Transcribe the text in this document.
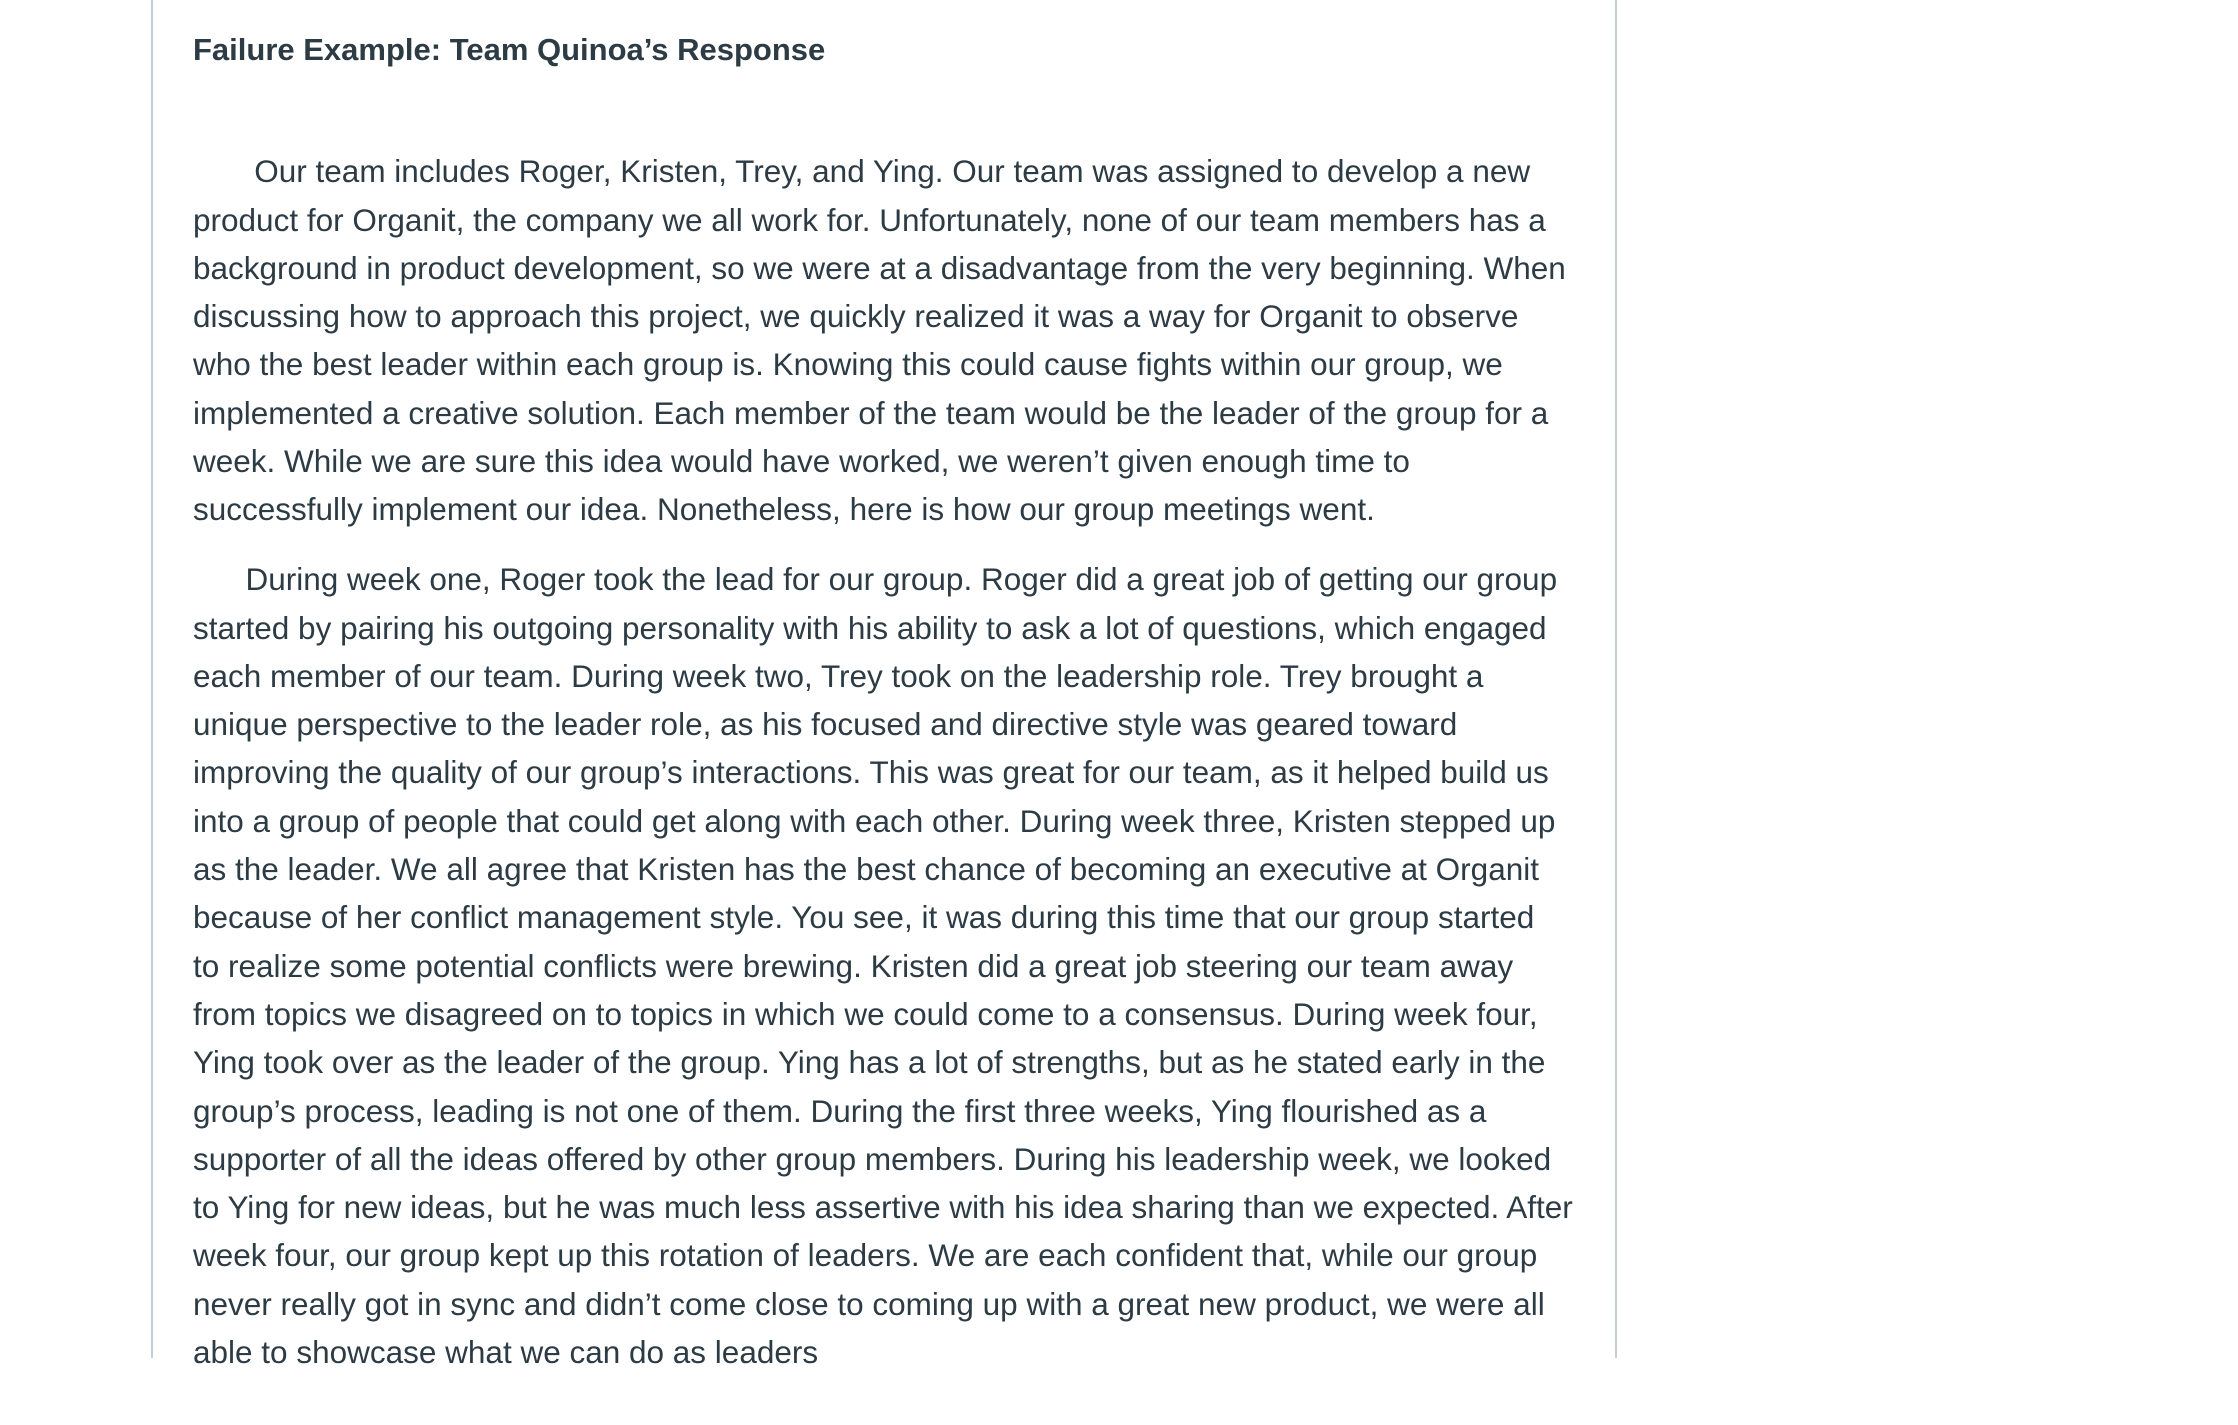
Failure Example: Team Quinoa’s Response

Our team includes Roger, Kristen, Trey, and Ying. Our team was assigned to develop a new
product for Organit, the company we all work for. Unfortunately, none of our team members has a
background in product development, so we were at a disadvantage from the very beginning. When
discussing how to approach this project, we quickly realized it was a way for Organit to observe
who the best leader within each group is. Knowing this could cause fights within our group, we
implemented a creative solution. Each member of the team would be the leader of the group for a
week. While we are sure this idea would have worked, we weren’t given enough time to
successfully implement our idea. Nonetheless, here is how our group meetings went.

During week one, Roger took the lead for our group. Roger did a great job of getting our group
started by pairing his outgoing personality with his ability to ask a lot of questions, which engaged
each member of our team. During week two, Trey took on the leadership role. Trey brought a
unique perspective to the leader role, as his focused and directive style was geared toward
improving the quality of our group’s interactions. This was great for our team, as it helped build us
into a group of people that could get along with each other. During week three, Kristen stepped up
as the leader. We all agree that Kristen has the best chance of becoming an executive at Organit
because of her conflict management style. You see, it was during this time that our group started
to realize some potential conflicts were brewing. Kristen did a great job steering our team away
from topics we disagreed on to topics in which we could come to a consensus. During week four,
Ying took over as the leader of the group. Ying has a lot of strengths, but as he stated early in the
group’s process, leading is not one of them. During the first three weeks, Ying flourished as a
supporter of all the ideas offered by other group members. During his leadership week, we looked
to Ying for new ideas, but he was much less assertive with his idea sharing than we expected. After
week four, our group kept up this rotation of leaders. We are each confident that, while our group
never really got in sync and didn’t come close to coming up with a great new product, we were all
able to showcase what we can do as leaders
